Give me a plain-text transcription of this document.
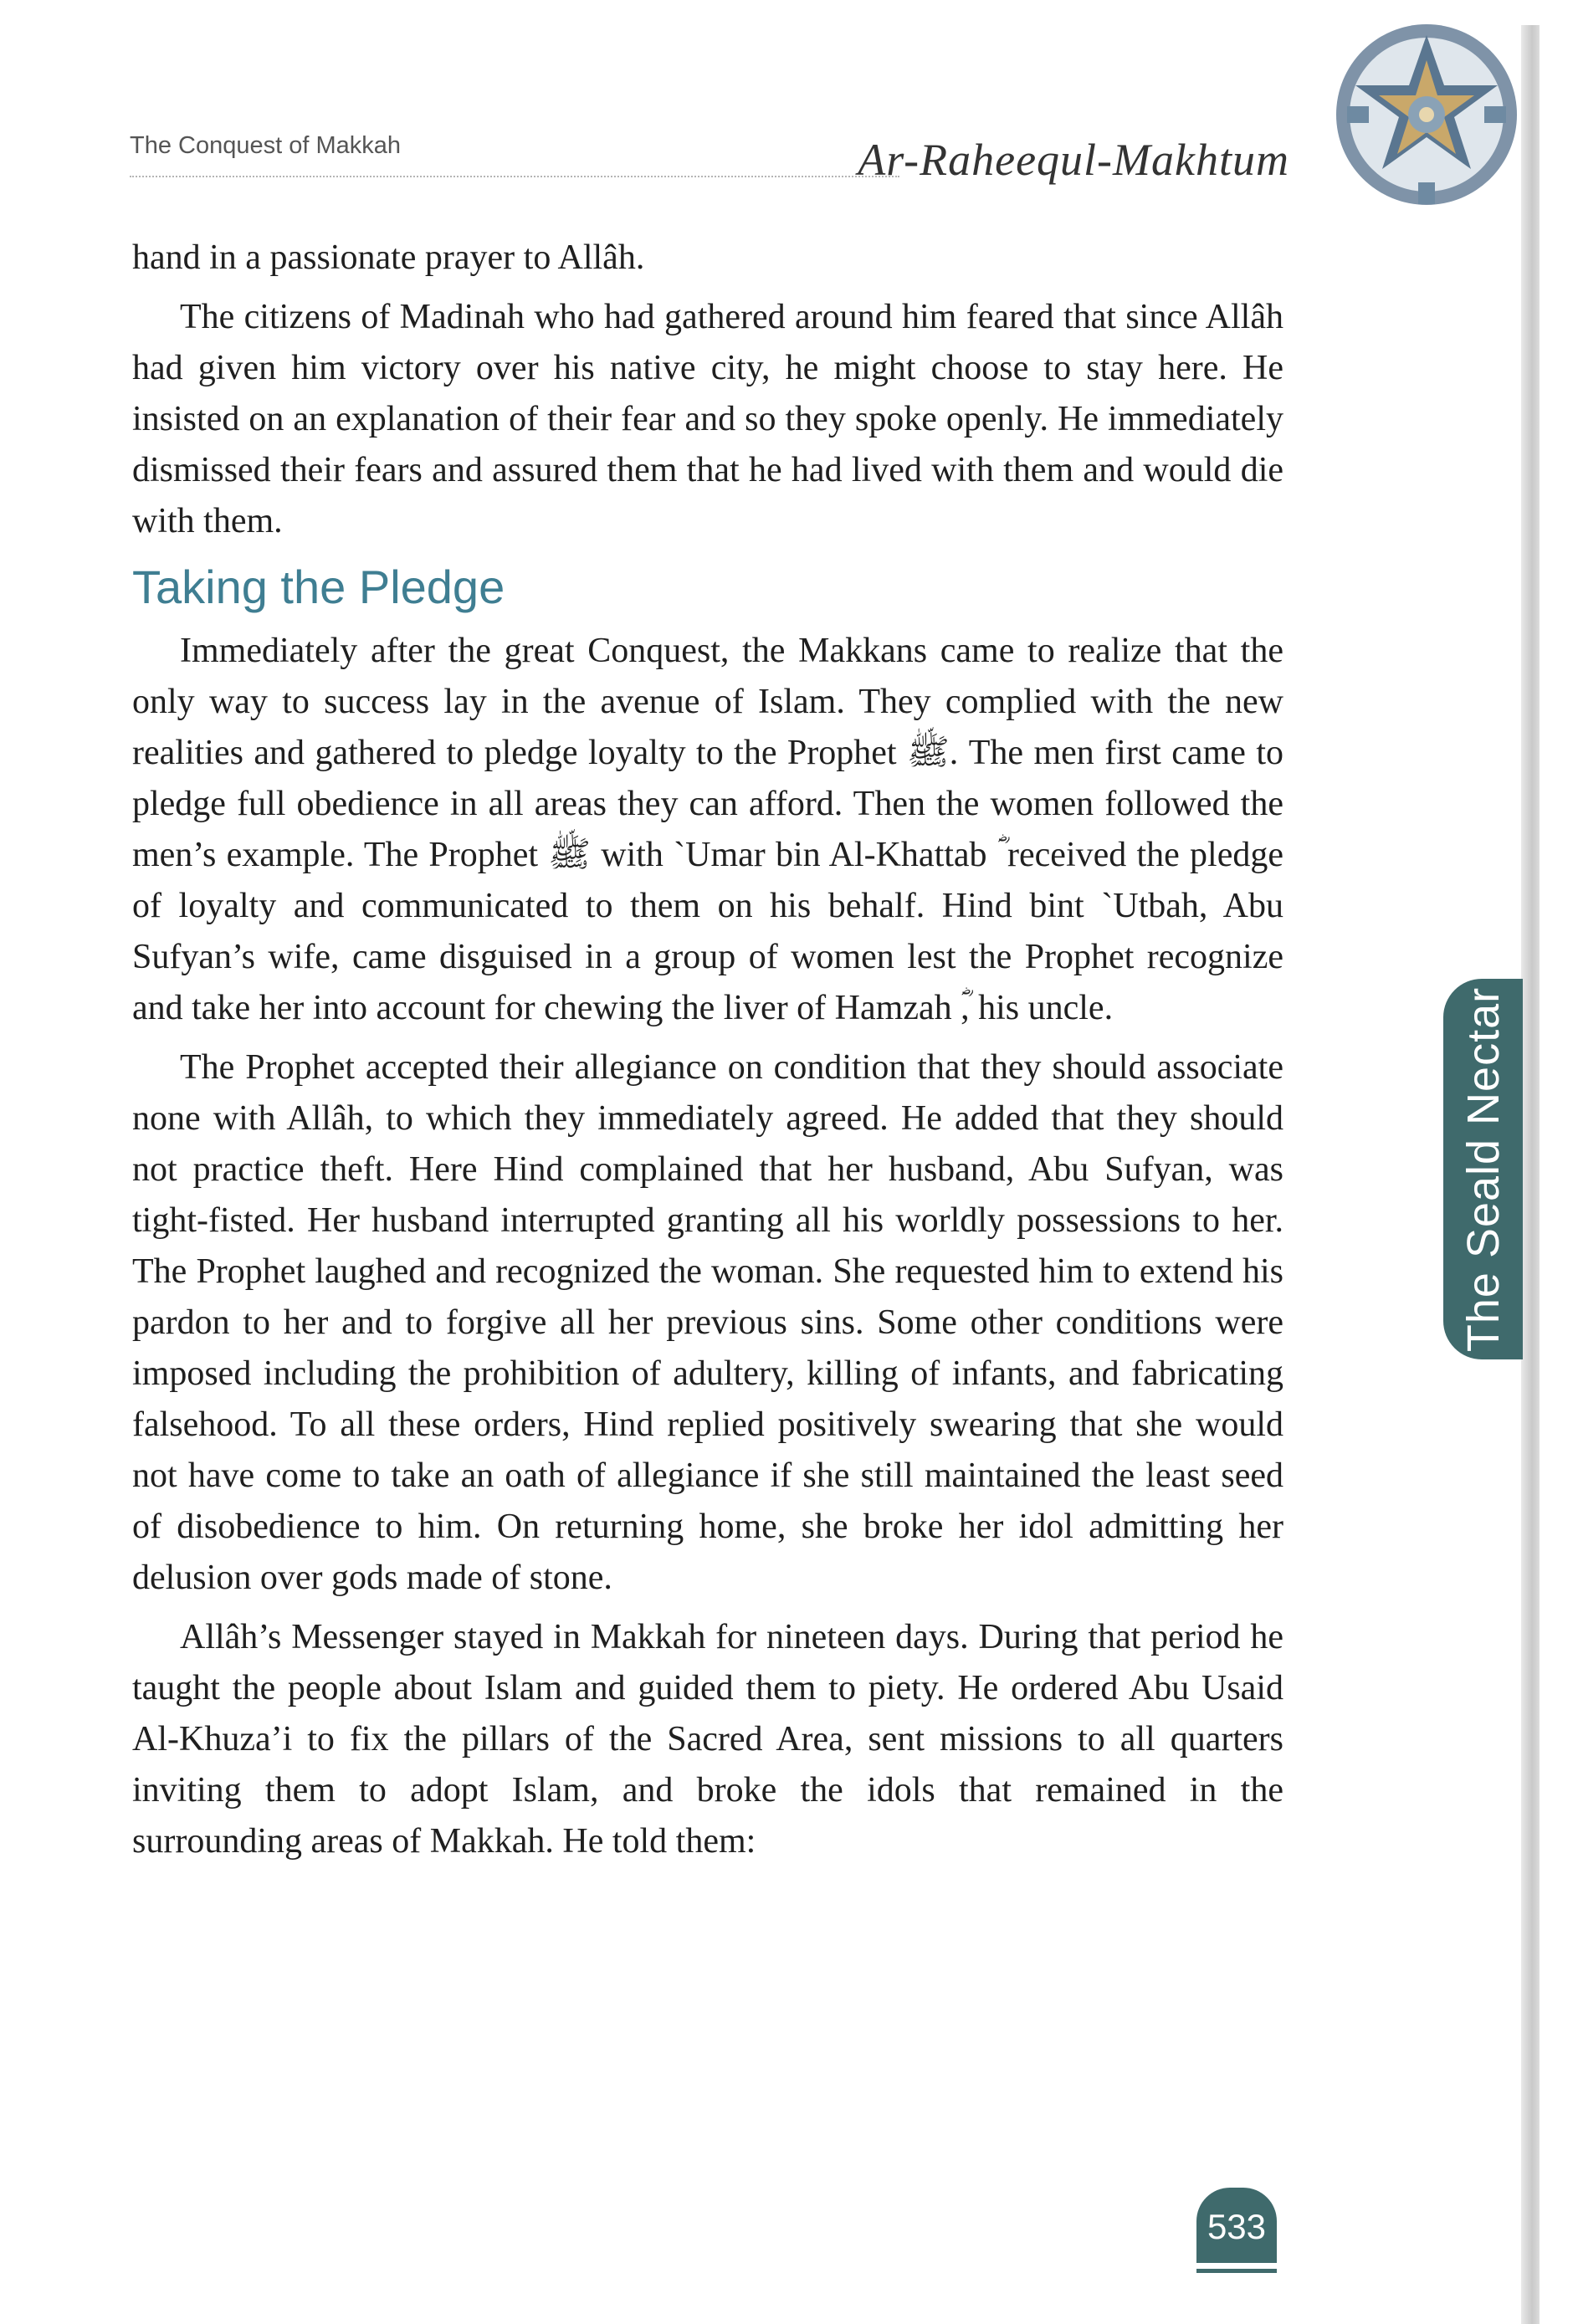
The Conquest of Makkah	Ar-Raheequl-Makhtum

hand in a passionate prayer to Allâh.

The citizens of Madinah who had gathered around him feared that since Allâh had given him victory over his native city, he might choose to stay here. He insisted on an explanation of their fear and so they spoke openly. He immediately dismissed their fears and assured them that he had lived with them and would die with them.

Taking the Pledge

Immediately after the great Conquest, the Makkans came to realize that the only way to success lay in the avenue of Islam. They complied with the new realities and gathered to pledge loyalty to the Prophet ﷺ. The men first came to pledge full obedience in all areas they can afford. Then the women followed the men’s example. The Prophet ﷺ with `Umar bin Al-Khattab ؓ received the pledge of loyalty and communicated to them on his behalf. Hind bint `Utbah, Abu Sufyan’s wife, came disguised in a group of women lest the Prophet recognize and take her into account for chewing the liver of Hamzah ؓ, his uncle.

The Prophet accepted their allegiance on condition that they should associate none with Allâh, to which they immediately agreed. He added that they should not practice theft. Here Hind complained that her husband, Abu Sufyan, was tight-fisted. Her husband interrupted granting all his worldly possessions to her. The Prophet laughed and recognized the woman. She requested him to extend his pardon to her and to forgive all her previous sins. Some other conditions were imposed including the prohibition of adultery, killing of infants, and fabricating falsehood. To all these orders, Hind replied positively swearing that she would not have come to take an oath of allegiance if she still maintained the least seed of disobedience to him. On returning home, she broke her idol admitting her delusion over gods made of stone.

Allâh’s Messenger stayed in Makkah for nineteen days. During that period he taught the people about Islam and guided them to piety. He ordered Abu Usaid Al-Khuza’i to fix the pillars of the Sacred Area, sent missions to all quarters inviting them to adopt Islam, and broke the idols that remained in the surrounding areas of Makkah. He told them:

The Seald Nectar
533
